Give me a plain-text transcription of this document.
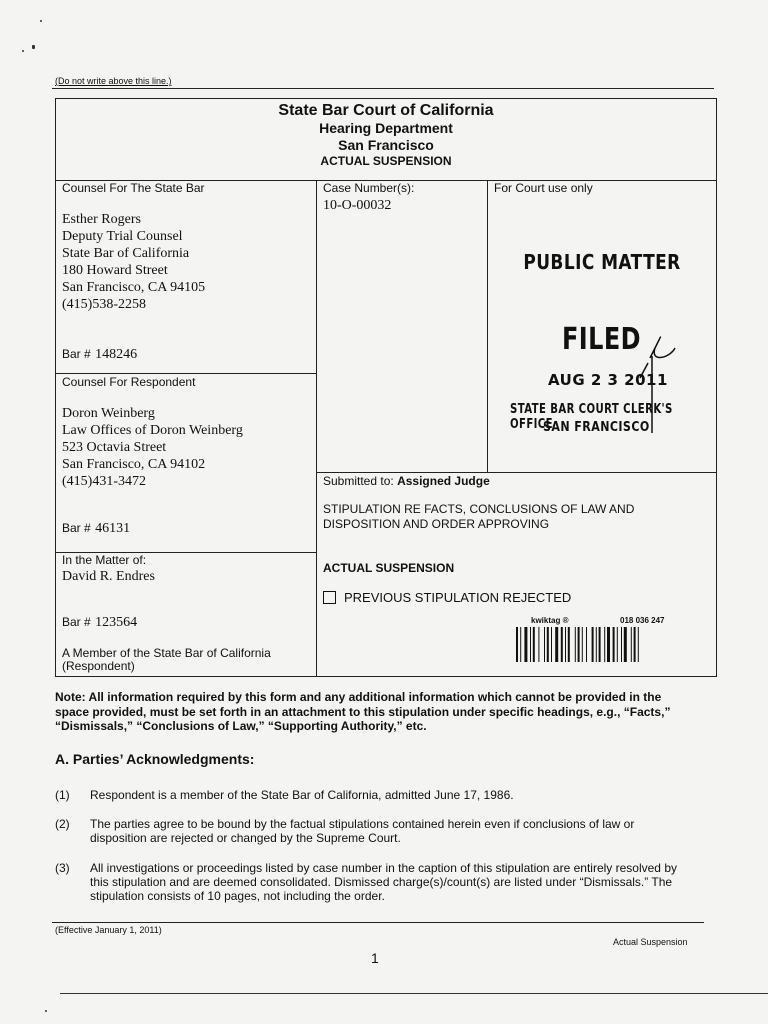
(Do not write above this line.)
State Bar Court of California
Hearing Department
San Francisco
ACTUAL SUSPENSION
Counsel For The State Bar
Esther Rogers
Deputy Trial Counsel
State Bar of California
180 Howard Street
San Francisco, CA 94105
(415)538-2258
Bar # 148246
Case Number(s):
10-O-00032
For Court use only
PUBLIC MATTER
FILED
AUG 2 3 2011
STATE BAR COURT CLERK'S OFFICE
SAN FRANCISCO
Counsel For Respondent
Doron Weinberg
Law Offices of Doron Weinberg
523 Octavia Street
San Francisco, CA 94102
(415)431-3472
Bar # 46131
Submitted to: Assigned Judge
STIPULATION RE FACTS, CONCLUSIONS OF LAW AND
DISPOSITION AND ORDER APPROVING
ACTUAL SUSPENSION
PREVIOUS STIPULATION REJECTED
In the Matter of:
David R. Endres
Bar # 123564
A Member of the State Bar of California
(Respondent)
kwiktag ®	018 036 247
Note: All information required by this form and any additional information which cannot be provided in the
space provided, must be set forth in an attachment to this stipulation under specific headings, e.g., “Facts,”
“Dismissals,” “Conclusions of Law,” “Supporting Authority,” etc.
A. Parties’ Acknowledgments:
(1) Respondent is a member of the State Bar of California, admitted June 17, 1986.
(2) The parties agree to be bound by the factual stipulations contained herein even if conclusions of law or
disposition are rejected or changed by the Supreme Court.
(3) All investigations or proceedings listed by case number in the caption of this stipulation are entirely resolved by
this stipulation and are deemed consolidated. Dismissed charge(s)/count(s) are listed under “Dismissals.” The
stipulation consists of 10 pages, not including the order.
(Effective January 1, 2011)
Actual Suspension
1
